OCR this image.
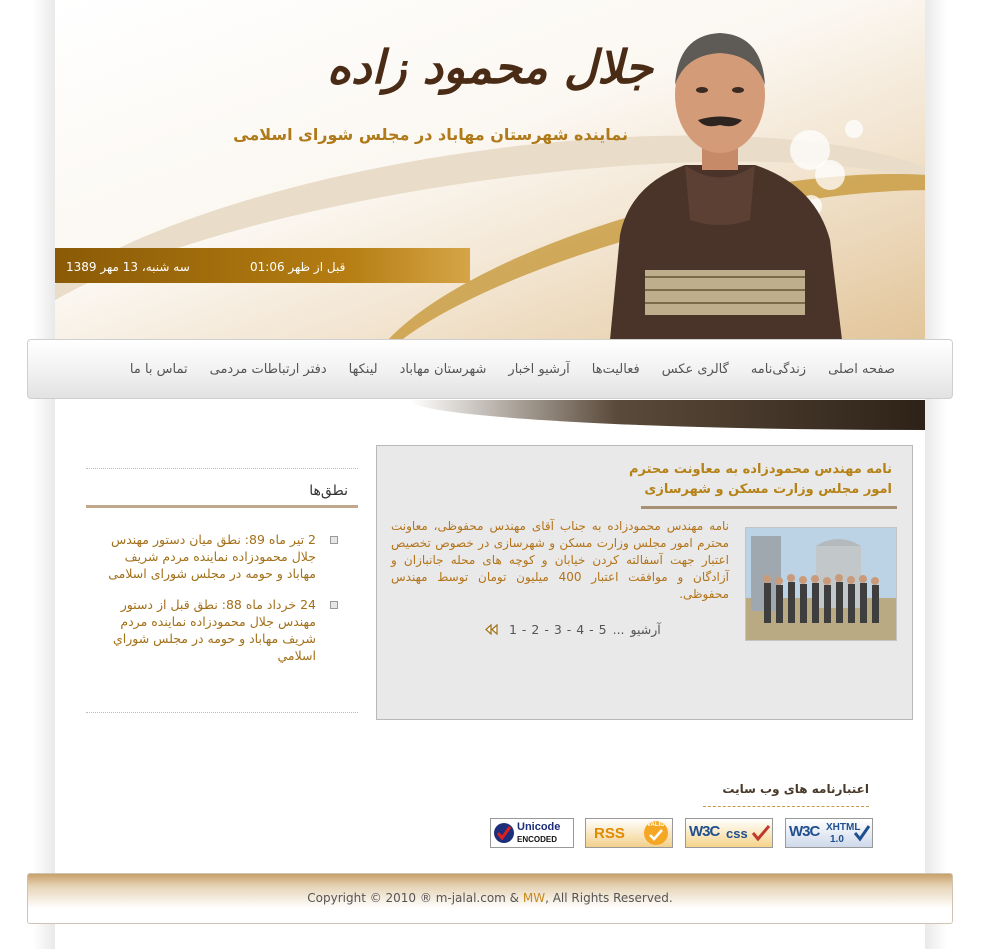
جلال محمود زاده
نماینده شهرستان مهاباد در مجلس شورای اسلامی
سه شنبه، 13 مهر 1389	01:06 قبل از ظهر
صفحه اصلی
زندگی‌نامه
گالری عکس
فعالیت‌ها
آرشیو اخبار
شهرستان مهاباد
لینکها
دفتر ارتباطات مردمی
تماس با ما
نطق‌ها
2 تیر ماه 89: نطق میان دستور مهندس جلال محمودزاده نماینده مردم شریف مهاباد و حومه در مجلس شورای اسلامی
24 خرداد ماه 88: نطق قبل از دستور مهندس جلال محمودزاده نماینده مردم شريف مهاباد و حومه در مجلس شوراي اسلامي
نامه مهندس محمودزاده به معاونت محترم
امور مجلس وزارت مسکن و شهرسازی
نامه مهندس محمودزاده به جناب آقای مهندس محفوظی، معاونت محترم امور مجلس وزارت مسکن و شهرسازی در خصوص تخصیص اعتبار جهت آسفالته کردن خیابان و کوچه های محله جانبازان و آزادگان و موافقت اعتبار 400 میلیون تومان توسط مهندس محفوظی.
آرشیو ... 5 - 4 - 3 - 2 - 1
اعتبارنامه های وب سایت
W3C XHTML
1.0
W3C css
RSS	VALID
Unicode
ENCODED
Copyright © 2010 ® m-jalal.com & MW, All Rights Reserved.
